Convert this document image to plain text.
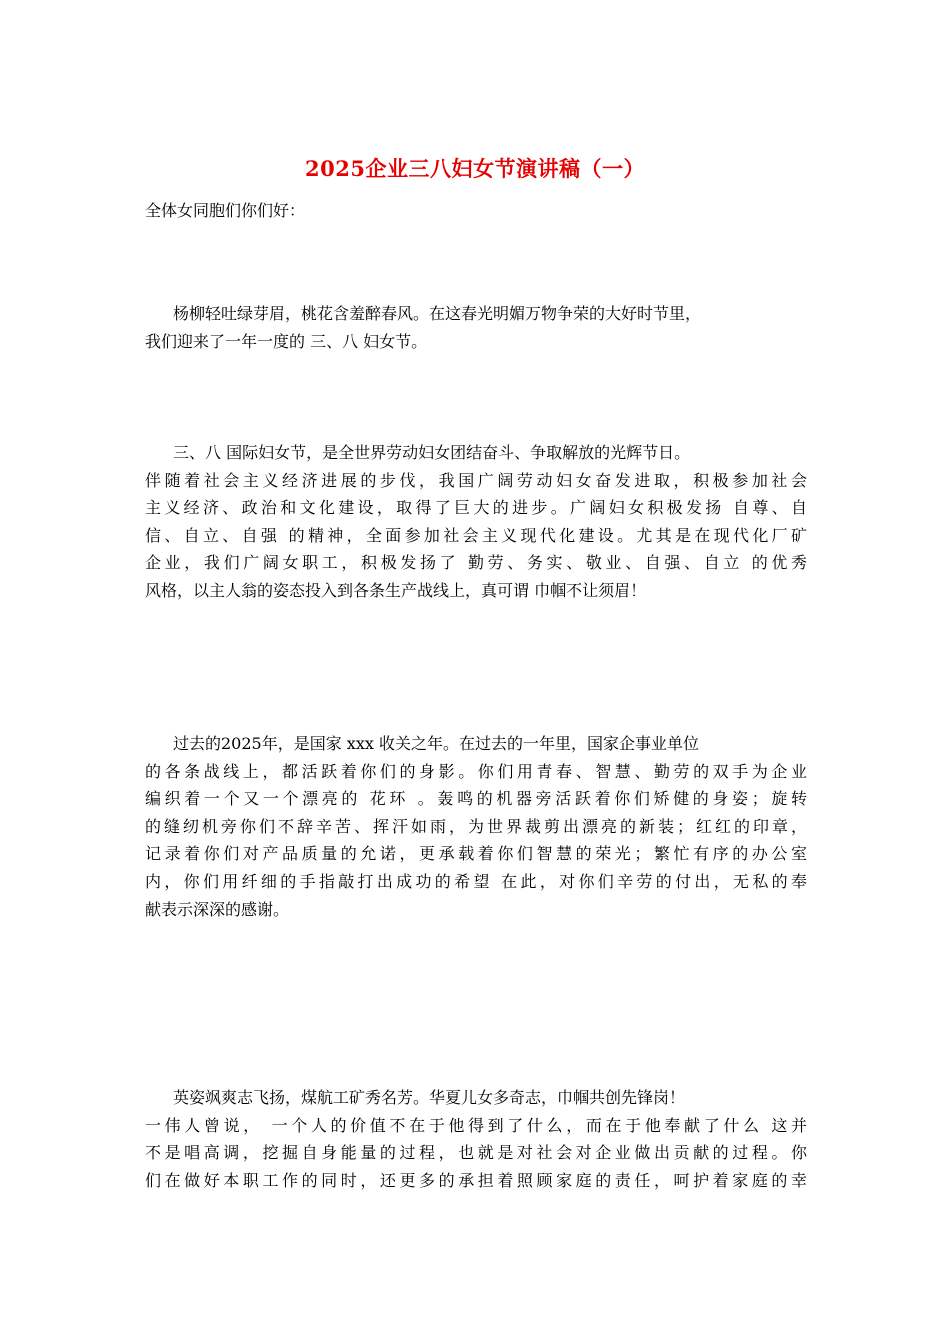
2025企业三八妇女节演讲稿（一）
全体女同胞们你们好：
杨柳轻吐绿芽眉，桃花含羞醉春风。在这春光明媚万物争荣的大好时节里，
我们迎来了一年一度的 三、八 妇女节。
三、八 国际妇女节，是全世界劳动妇女团结奋斗、争取解放的光辉节日。
伴随着社会主义经济进展的步伐，我国广阔劳动妇女奋发进取，积极参加社会
主义经济、政治和文化建设，取得了巨大的进步。广阔妇女积极发扬 自尊、自
信、自立、自强 的精神，全面参加社会主义现代化建设。尤其是在现代化厂矿
企业，我们广阔女职工，积极发扬了 勤劳、务实、敬业、自强、自立 的优秀
风格，以主人翁的姿态投入到各条生产战线上，真可谓 巾帼不让须眉！
过去的2025年，是国家 xxx 收关之年。在过去的一年里，国家企事业单位
的各条战线上，都活跃着你们的身影。你们用青春、智慧、勤劳的双手为企业
编织着一个又一个漂亮的 花环 。轰鸣的机器旁活跃着你们矫健的身姿；旋转
的缝纫机旁你们不辞辛苦、挥汗如雨，为世界裁剪出漂亮的新装；红红的印章，
记录着你们对产品质量的允诺，更承载着你们智慧的荣光；繁忙有序的办公室
内，你们用纤细的手指敲打出成功的希望 在此，对你们辛劳的付出，无私的奉
献表示深深的感谢。
英姿飒爽志飞扬，煤航工矿秀名芳。华夏儿女多奇志，巾帼共创先锋岗！
一伟人曾说， 一个人的价值不在于他得到了什么，而在于他奉献了什么 这并
不是唱高调，挖掘自身能量的过程，也就是对社会对企业做出贡献的过程。你
们在做好本职工作的同时，还更多的承担着照顾家庭的责任，呵护着家庭的幸
